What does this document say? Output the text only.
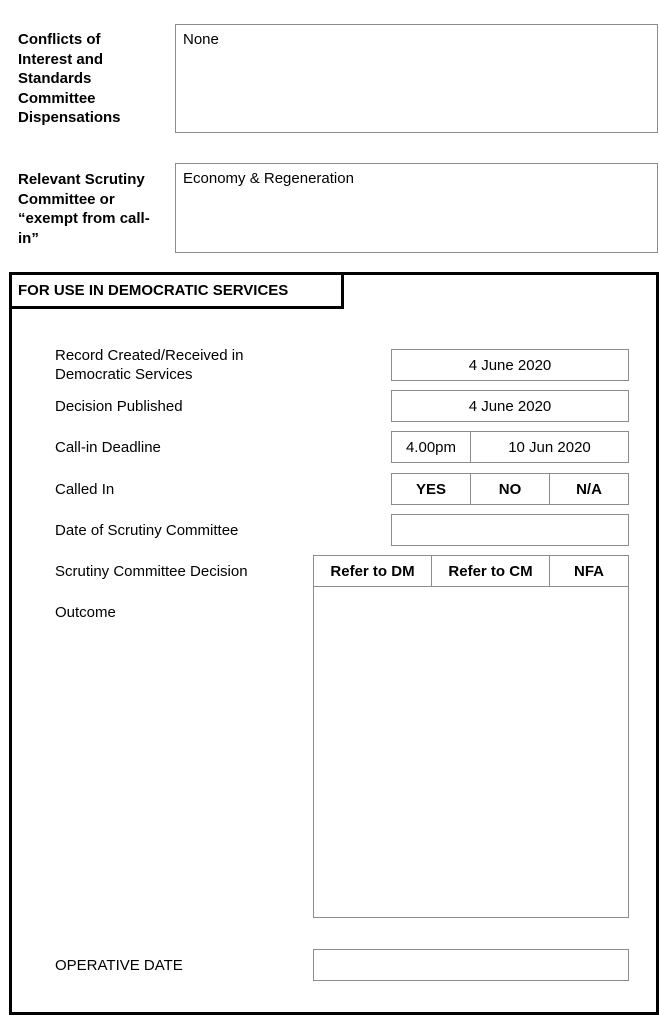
Conflicts of Interest and Standards Committee Dispensations
None
Relevant Scrutiny Committee or “exempt from call-in”
Economy & Regeneration
FOR USE IN DEMOCRATIC SERVICES
Record Created/Received in Democratic Services
4 June 2020
Decision Published	4 June 2020
Call-in Deadline	4.00pm	10 Jun 2020
Called In	YES	NO	N/A
Date of Scrutiny Committee
Scrutiny Committee Decision	Refer to DM	Refer to CM	NFA
Outcome
OPERATIVE DATE
